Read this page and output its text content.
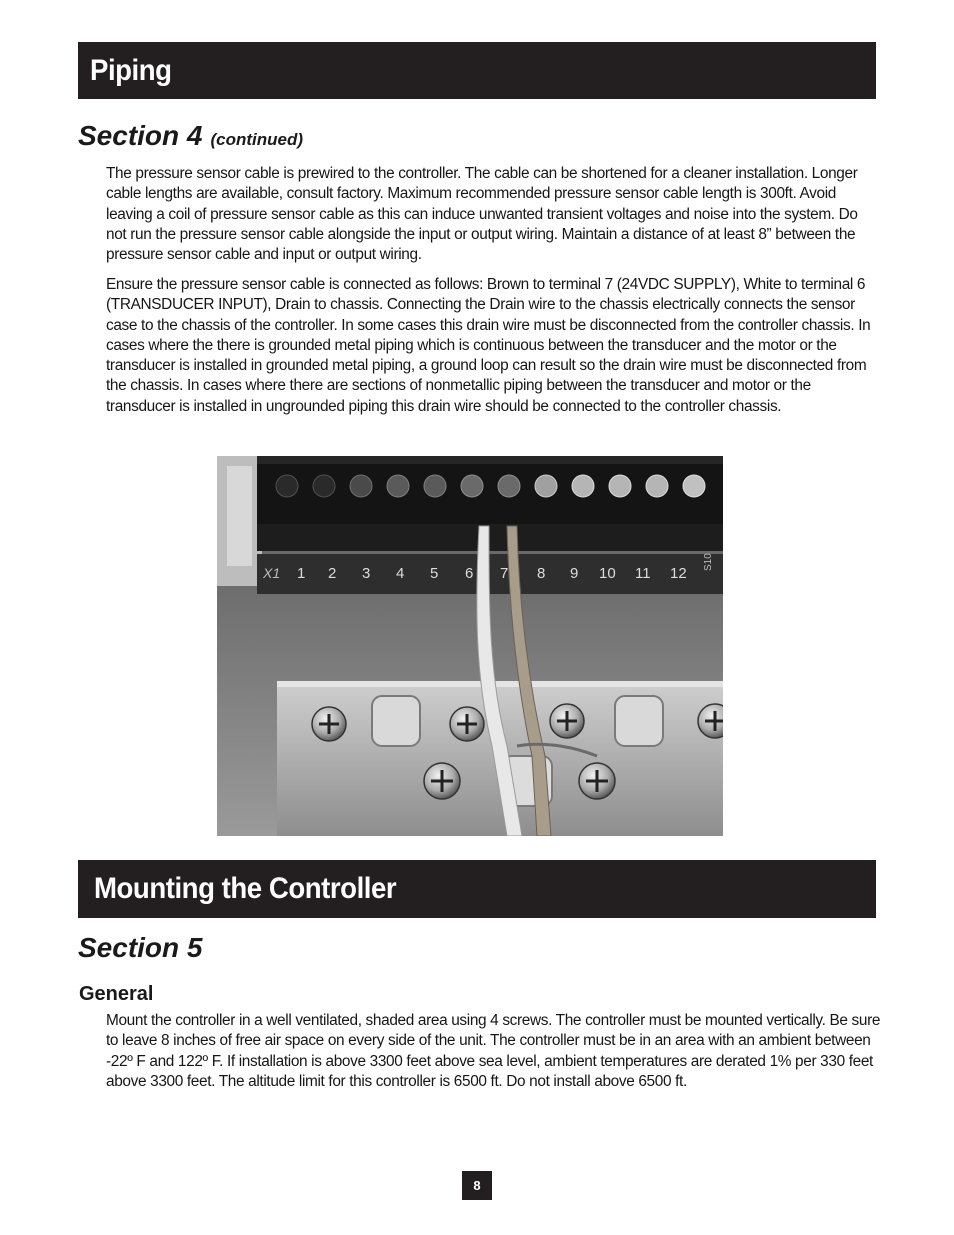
Piping
Section 4 (continued)

The pressure sensor cable is prewired to the controller. The cable can be shortened for a cleaner installation. Longer cable lengths are available, consult factory. Maximum recommended pressure sensor cable length is 300ft. Avoid leaving a coil of pressure sensor cable as this can induce unwanted transient voltages and noise into the system. Do not run the pressure sensor cable alongside the input or output wiring. Maintain a distance of at least 8” between the pressure sensor cable and input or output wiring.

Ensure the pressure sensor cable is connected as follows: Brown to terminal 7 (24VDC SUPPLY), White to terminal 6 (TRANSDUCER INPUT), Drain to chassis. Connecting the Drain wire to the chassis electrically connects the sensor case to the chassis of the controller. In some cases this drain wire must be disconnected from the controller chassis. In cases where the there is grounded metal piping which is continuous between the transducer and the motor or the transducer is installed in grounded metal piping, a ground loop can result so the drain wire must be disconnected from the chassis. In cases where there are sections of nonmetallic piping between the transducer and motor or the transducer is installed in ungrounded piping this drain wire should be connected to the controller chassis.

X1 1 2 3 4 5 6 7 8 9 10 11 12
S10
Mounting the Controller
Section 5
General

Mount the controller in a well ventilated, shaded area using 4 screws. The controller must be mounted vertically. Be sure to leave 8 inches of free air space on every side of the unit. The controller must be in an area with an ambient between -22º F and 122º F. If installation is above 3300 feet above sea level, ambient temperatures are derated 1% per 330 feet above 3300 feet. The altitude limit for this controller is 6500 ft. Do not install above 6500 ft.

8
